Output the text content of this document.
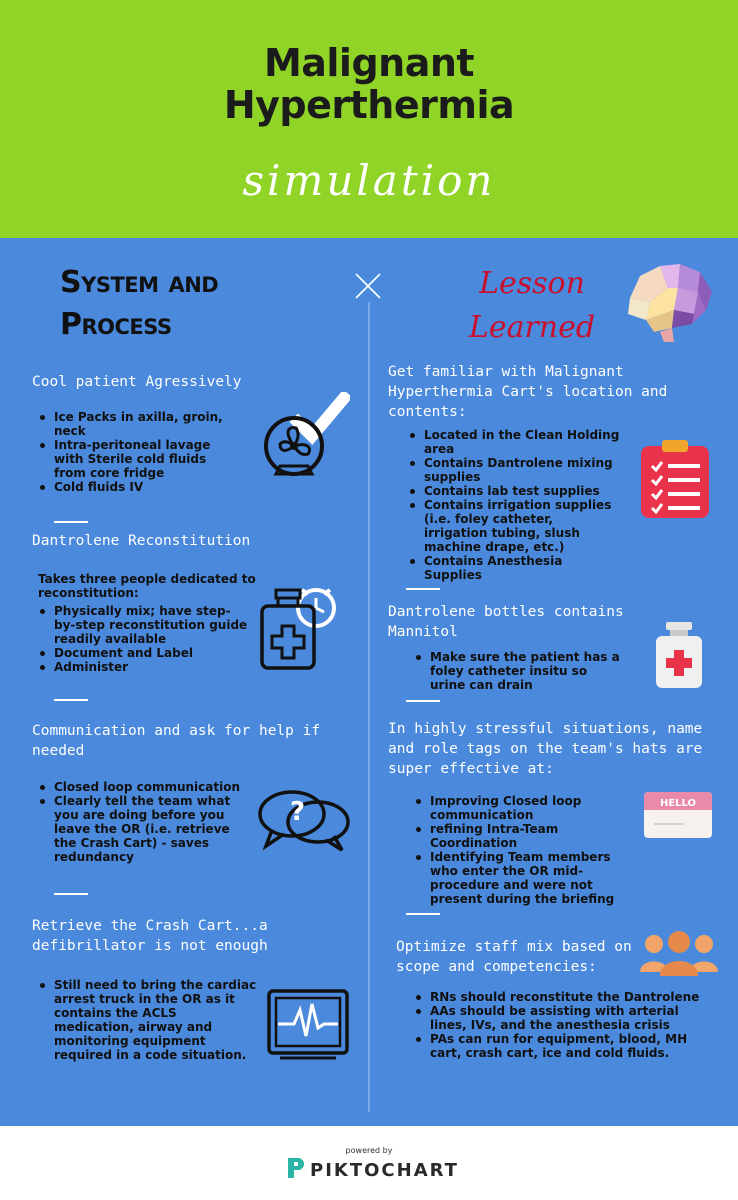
Malignant
Hyperthermia
simulation
System and
Process
Lesson
Learned
Cool patient Agressively
Ice Packs in axilla, groin, neck
Intra-peritoneal lavage with Sterile cold fluids from core fridge
Cold fluids IV
Dantrolene Reconstitution
Takes three people dedicated to reconstitution:
Physically mix; have step-by-step reconstitution guide readily available
Document and Label
Administer
Communication and ask for help if needed
Closed loop communication
Clearly tell the team what you are doing before you leave the OR (i.e. retrieve the Crash Cart) - saves redundancy
?
Retrieve the Crash Cart...a defibrillator is not enough
Still need to bring the cardiac arrest truck in the OR as it contains the ACLS medication, airway and monitoring equipment required in a code situation.
Get familiar with Malignant Hyperthermia Cart's location and contents:
Located in the Clean Holding area
Contains Dantrolene mixing supplies
Contains lab test supplies
Contains irrigation supplies (i.e. foley catheter, irrigation tubing, slush machine drape, etc.)
Contains Anesthesia Supplies
Dantrolene bottles contains Mannitol
Make sure the patient has a foley catheter insitu so urine can drain
In highly stressful situations, name and role tags on the team's hats are super effective at:
Improving Closed loop communication
refining Intra-Team Coordination
Identifying Team members who enter the OR mid-procedure and were not present during the briefing
HELLO
Optimize staff mix based on scope and competencies:
RNs should reconstitute the Dantrolene
AAs should be assisting with arterial lines, IVs, and the anesthesia crisis
PAs can run for equipment, blood, MH cart, crash cart, ice and cold fluids.
powered by
PIKTOCHART
